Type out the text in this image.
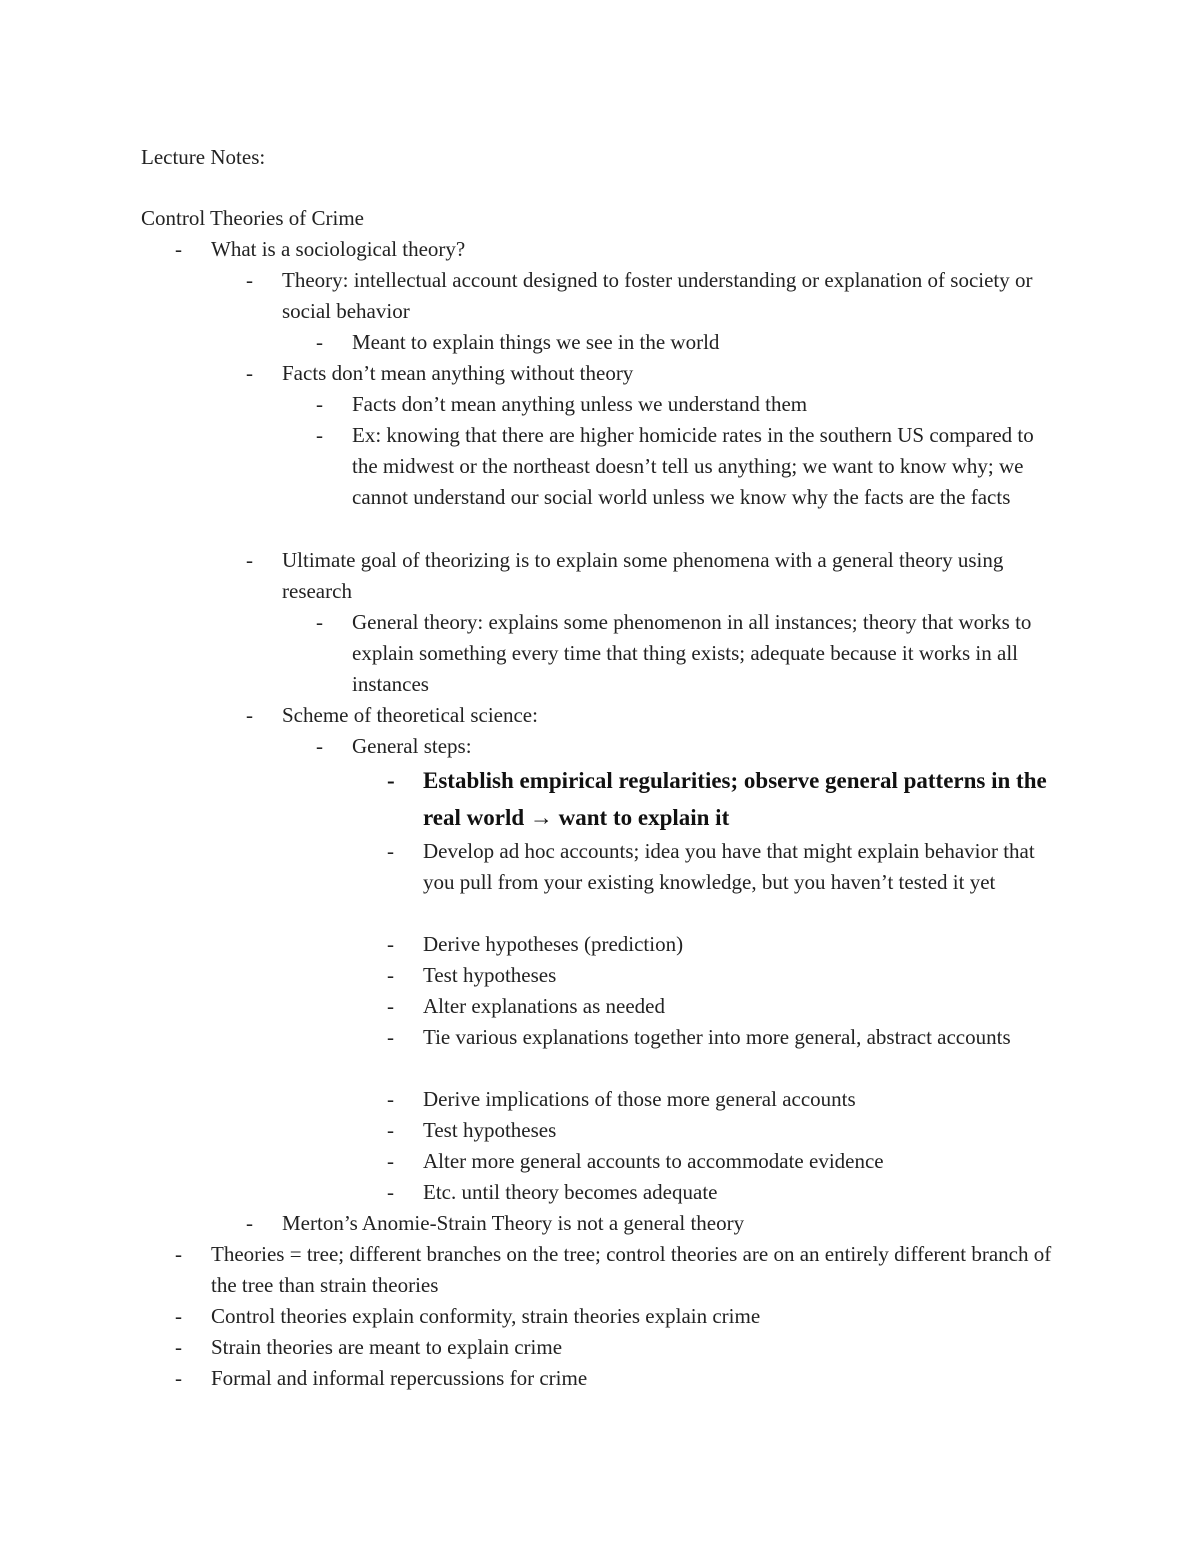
Lecture Notes:
Control Theories of Crime
- What is a sociological theory?
- Theory: intellectual account designed to foster understanding or explanation of society or social behavior
- Meant to explain things we see in the world
- Facts don’t mean anything without theory
- Facts don’t mean anything unless we understand them
- Ex: knowing that there are higher homicide rates in the southern US compared to the midwest or the northeast doesn’t tell us anything; we want to know why; we cannot understand our social world unless we know why the facts are the facts
- Ultimate goal of theorizing is to explain some phenomena with a general theory using research
- General theory: explains some phenomenon in all instances; theory that works to explain something every time that thing exists; adequate because it works in all instances
- Scheme of theoretical science:
- General steps:
- Establish empirical regularities; observe general patterns in the real world → want to explain it
- Develop ad hoc accounts; idea you have that might explain behavior that you pull from your existing knowledge, but you haven’t tested it yet
- Derive hypotheses (prediction)
- Test hypotheses
- Alter explanations as needed
- Tie various explanations together into more general, abstract accounts
- Derive implications of those more general accounts
- Test hypotheses
- Alter more general accounts to accommodate evidence
- Etc. until theory becomes adequate
- Merton’s Anomie-Strain Theory is not a general theory
- Theories = tree; different branches on the tree; control theories are on an entirely different branch of the tree than strain theories
- Control theories explain conformity, strain theories explain crime
- Strain theories are meant to explain crime
- Formal and informal repercussions for crime
